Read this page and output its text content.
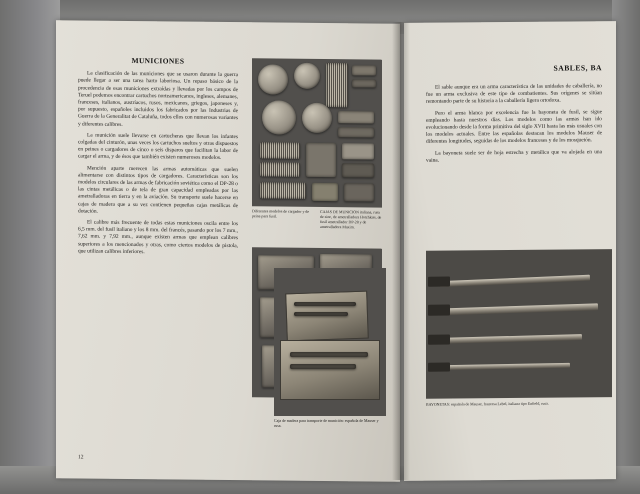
MUNICIONES

La clasificación de las municiones que se usaron durante la guerra puede llegar a ser una tarea harto laboriosa. Un repaso básico de la procedencia de esas municiones extraídas y llevadas por los campos de Teruel podemos encontrar cartuchos norteamericanos, ingleses, alemanes, franceses, italianos, austríacos, rusos, mexicanos, griegos, japoneses y, por supuesto, españoles incluidos los fabricados por las Industrias de Guerra de la Generalitat de Cataluña, todos ellos con numerosas variantes y diferentes calibres.

La munición suele llevarse en cartucheras que llevan los infantes colgadas del cinturón, unas veces los cartuchos sueltos y otras dispuestos en peines o cargadores de cinco o seis disparos que facilitan la labor de cargar el arma, y de ésos que también existen numerosos modelos.

Mención aparte merecen las armas automáticas que suelen alimentarse con distintos tipos de cargadores. Características son los modelos circulares de las armas de fabricación soviética como el DP-28 o las cintas metálicas o de tela de gran capacidad empleadas por las ametralladoras en tierra y en la aviación. Su transporte suele hacerse en cajas de madera que a su vez contienen pequeñas cajas metálicas de dotación.

El calibre más frecuente de todas estas municiones oscila entre los 6,5 mm. del fusil italiano y los 8 mm. del francés, pasando por los 7 mm., 7,62 mm. y 7,92 mm., aunque existen armas que emplean calibres superiores a los mencionados y otras, como ciertos modelos de pistola, que utilizan calibres inferiores.

12
Diferentes modelos de cargador y de peine para fusil.
CAJAS DE MUNICION italiana, rusa de zinc, de ametralladora Hotchkiss, de fusil ametrallador DP-28 y de ametralladora Maxim.
SABLES, BA

El sable aunque era un arma característica de las unidades de caballería, no fue un arma exclusiva de este tipo de combatientes. Sus orígenes se sitúan remontando parte de su historia a la caballería ligera ortodoxa.

Pero el arma blanca por excelencia fue la bayoneta de fusil, se sigue empleando hasta nuestros días. Los modelos como las armas han ido evolucionando desde la forma primitiva del siglo XVII hasta las más usuales con los modelos actuales. Entre las españolas destacan los modelos Mauser de diferentes longitudes, seguidas de los modelos franceses y de los mosquetón.

La bayoneta suele ser de hoja estrecha y metálica que va alojada en una vaina.

BAYONETAS: española de Mauser, francesa Lebel, italiana tipo Enfield, rusa.
Caja de madera para transporte de munición: española de Mauser y rusa.
